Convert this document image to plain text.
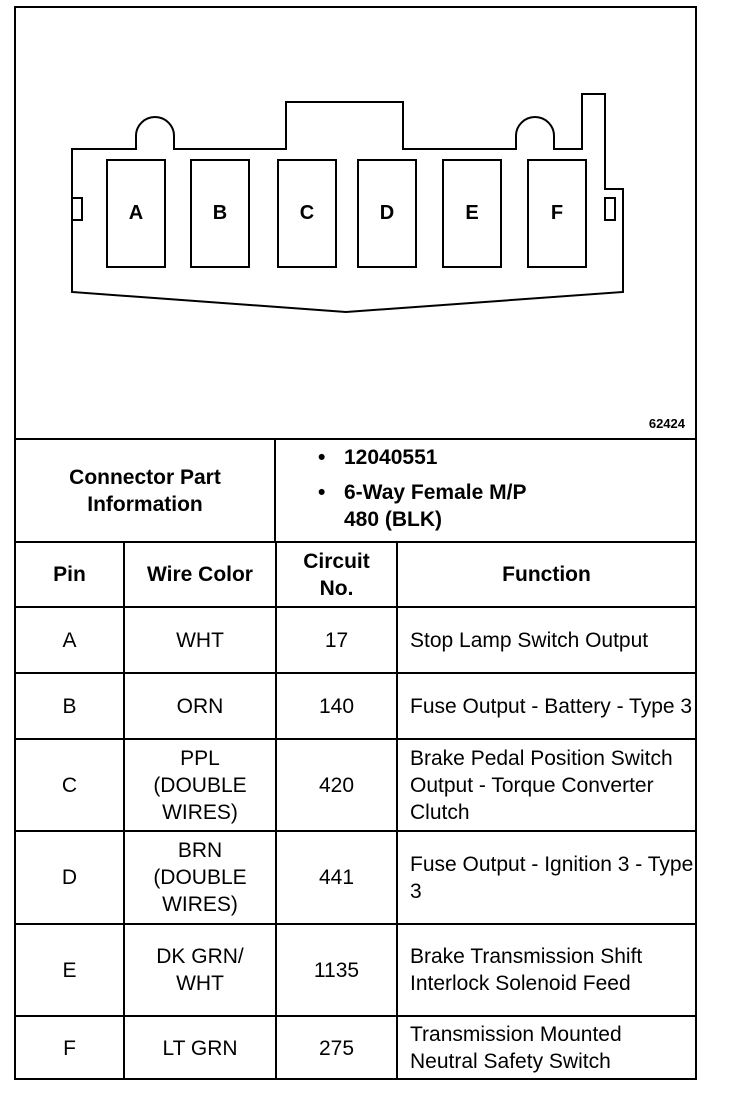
A	B	C	D	E	F
62424
Connector Part Information
• 12040551
• 6-Way Female M/P
480 (BLK)
Pin	Wire Color	Circuit No.	Function
A	WHT	17	Stop Lamp Switch Output
B	ORN	140	Fuse Output - Battery - Type 3
C	PPL (DOUBLE WIRES)	420	Brake Pedal Position Switch Output - Torque Converter Clutch
D	BRN (DOUBLE WIRES)	441	Fuse Output - Ignition 3 - Type 3
E	DK GRN/ WHT	1135	Brake Transmission Shift Interlock Solenoid Feed
F	LT GRN	275	Transmission Mounted Neutral Safety Switch
